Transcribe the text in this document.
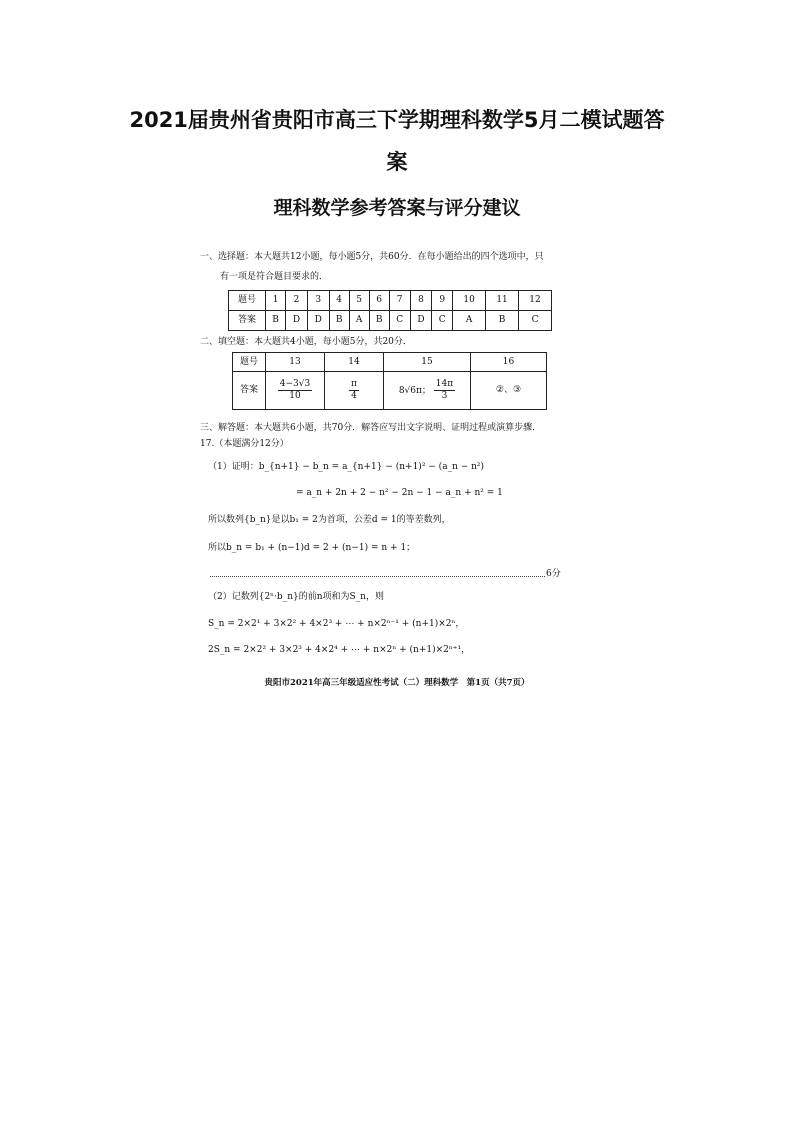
2021届贵州省贵阳市高三下学期理科数学5月二模试题答
案
理科数学参考答案与评分建议
一、选择题：本大题共12小题，每小题5分，共60分．在每小题给出的四个选项中，只
有一项是符合题目要求的．
题号	1	2	3	4	5	6	7	8	9	10	11	12
答案	B	D	D	B	A	B	C	D	C	A	B	C
二、填空题：本大题共4小题，每小题5分，共20分．
题号	13	14	15	16
答案	$\frac{4-3√3}{10}$	$\frac{\pi}{4}$	8√6π； $\frac{14\pi}{3}$	②、③
三、解答题：本大题共6小题，共70分．解答应写出文字说明、证明过程或演算步骤．
17.（本题满分12分）
（1）证明：b_{n+1} − b_n = a_{n+1} − (n+1)² − (a_n − n²)
= a_n + 2n + 2 − n² − 2n − 1 − a_n + n² = 1
所以数列{b_n}是以b₁ = 2为首项，公差d = 1的等差数列，
所以b_n = b₁ + (n−1)d = 2 + (n−1) = n + 1；
6分
（2）记数列{2ⁿ·b_n}的前n项和为S_n，则
S_n = 2×2¹ + 3×2² + 4×2³ + ⋯ + n×2ⁿ⁻¹ + (n+1)×2ⁿ，
2S_n = 2×2² + 3×2³ + 4×2⁴ + ⋯ + n×2ⁿ + (n+1)×2ⁿ⁺¹，
贵阳市2021年高三年级适应性考试（二）理科数学　第1页（共7页）
